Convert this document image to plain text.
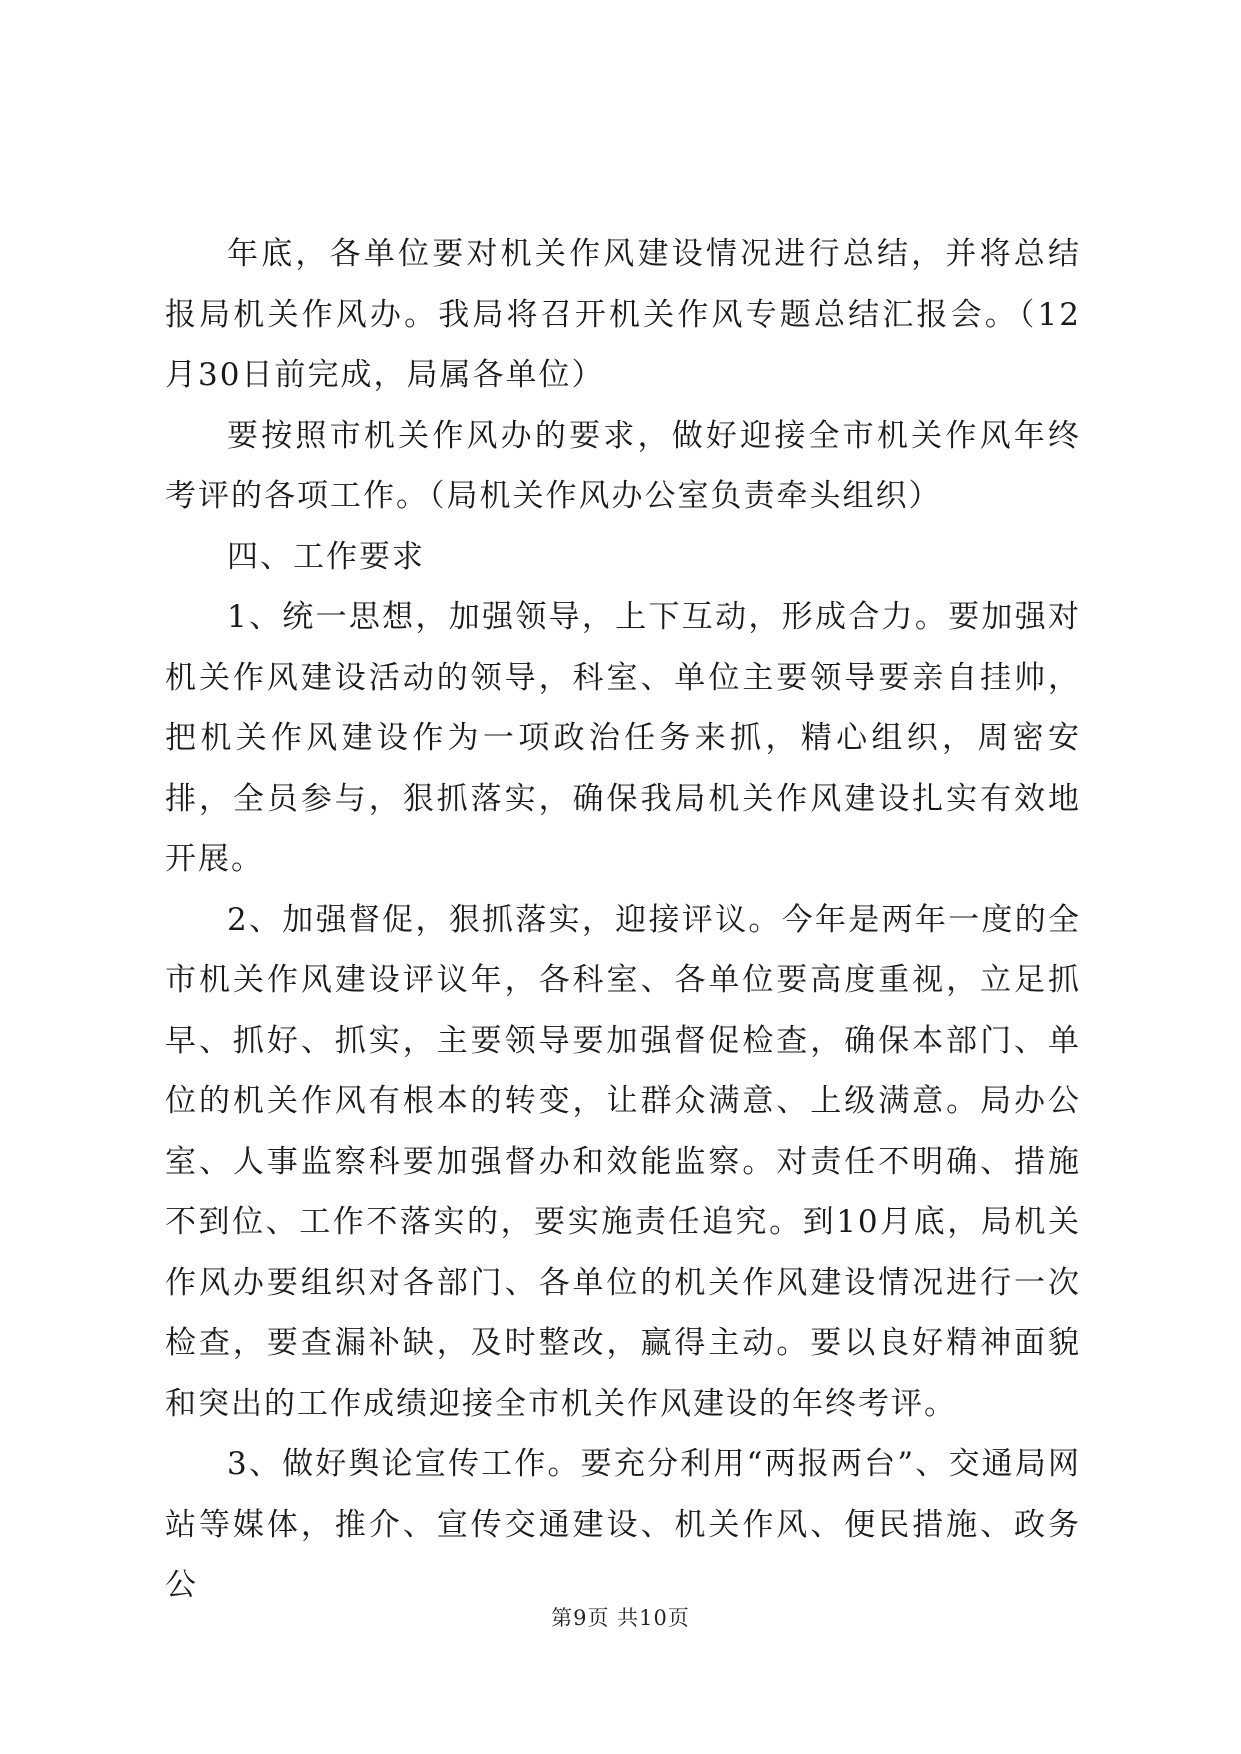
年底，各单位要对机关作风建设情况进行总结，并将总结报局机关作风办。我局将召开机关作风专题总结汇报会。（12月30日前完成，局属各单位）

要按照市机关作风办的要求，做好迎接全市机关作风年终考评的各项工作。（局机关作风办公室负责牵头组织）

四、工作要求

1、统一思想，加强领导，上下互动，形成合力。要加强对机关作风建设活动的领导，科室、单位主要领导要亲自挂帅，把机关作风建设作为一项政治任务来抓，精心组织，周密安排，全员参与，狠抓落实，确保我局机关作风建设扎实有效地开展。

2、加强督促，狠抓落实，迎接评议。今年是两年一度的全市机关作风建设评议年，各科室、各单位要高度重视，立足抓早、抓好、抓实，主要领导要加强督促检查，确保本部门、单位的机关作风有根本的转变，让群众满意、上级满意。局办公室、人事监察科要加强督办和效能监察。对责任不明确、措施不到位、工作不落实的，要实施责任追究。到10月底，局机关作风办要组织对各部门、各单位的机关作风建设情况进行一次检查，要查漏补缺，及时整改，赢得主动。要以良好精神面貌和突出的工作成绩迎接全市机关作风建设的年终考评。

3、做好舆论宣传工作。要充分利用“两报两台”、交通局网站等媒体，推介、宣传交通建设、机关作风、便民措施、政务公

第9页 共10页
